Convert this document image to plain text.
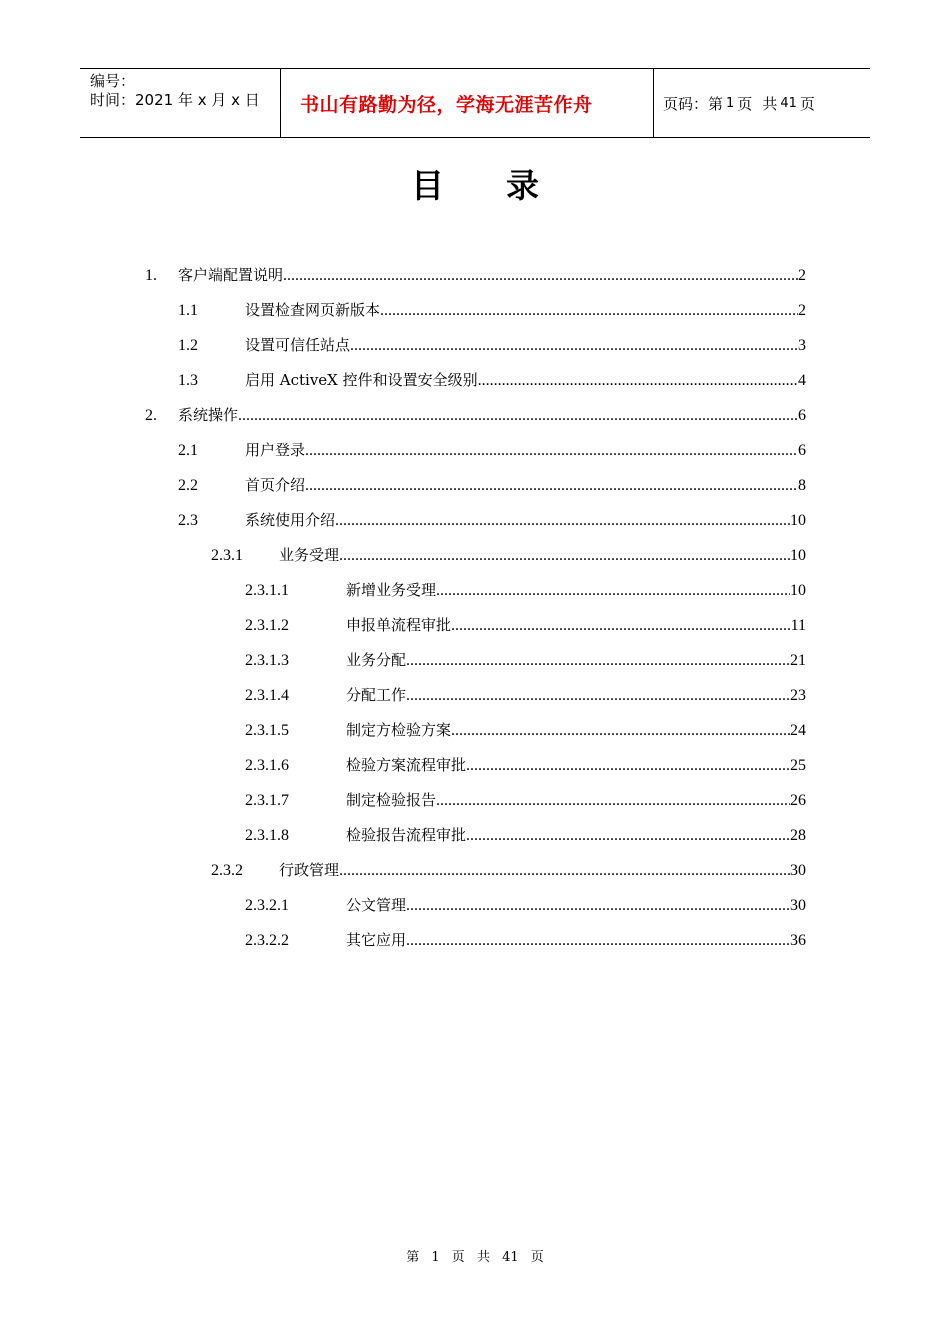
编号：
时间：2021 年 x 月 x 日	书山有路勤为径，学海无涯苦作舟	页码：第 1 页 共 41 页
目 录
1.	客户端配置说明 .....	2
1.1	设置检查网页新版本 .....	2
1.2	设置可信任站点 .....	3
1.3	启用 ActiveX 控件和设置安全级别 .....	4
2.	系统操作 .....	6
2.1	用户登录 .....	6
2.2	首页介绍 .....	8
2.3	系统使用介绍 .....	10
2.3.1	业务受理 .....	10
2.3.1.1	新增业务受理 .....	10
2.3.1.2	申报单流程审批 .....	11
2.3.1.3	业务分配 .....	21
2.3.1.4	分配工作 .....	23
2.3.1.5	制定方检验方案 .....	24
2.3.1.6	检验方案流程审批 .....	25
2.3.1.7	制定检验报告 .....	26
2.3.1.8	检验报告流程审批 .....	28
2.3.2	行政管理 .....	30
2.3.2.1	公文管理 .....	30
2.3.2.2	其它应用 .....	36
第 1 页 共 41 页
